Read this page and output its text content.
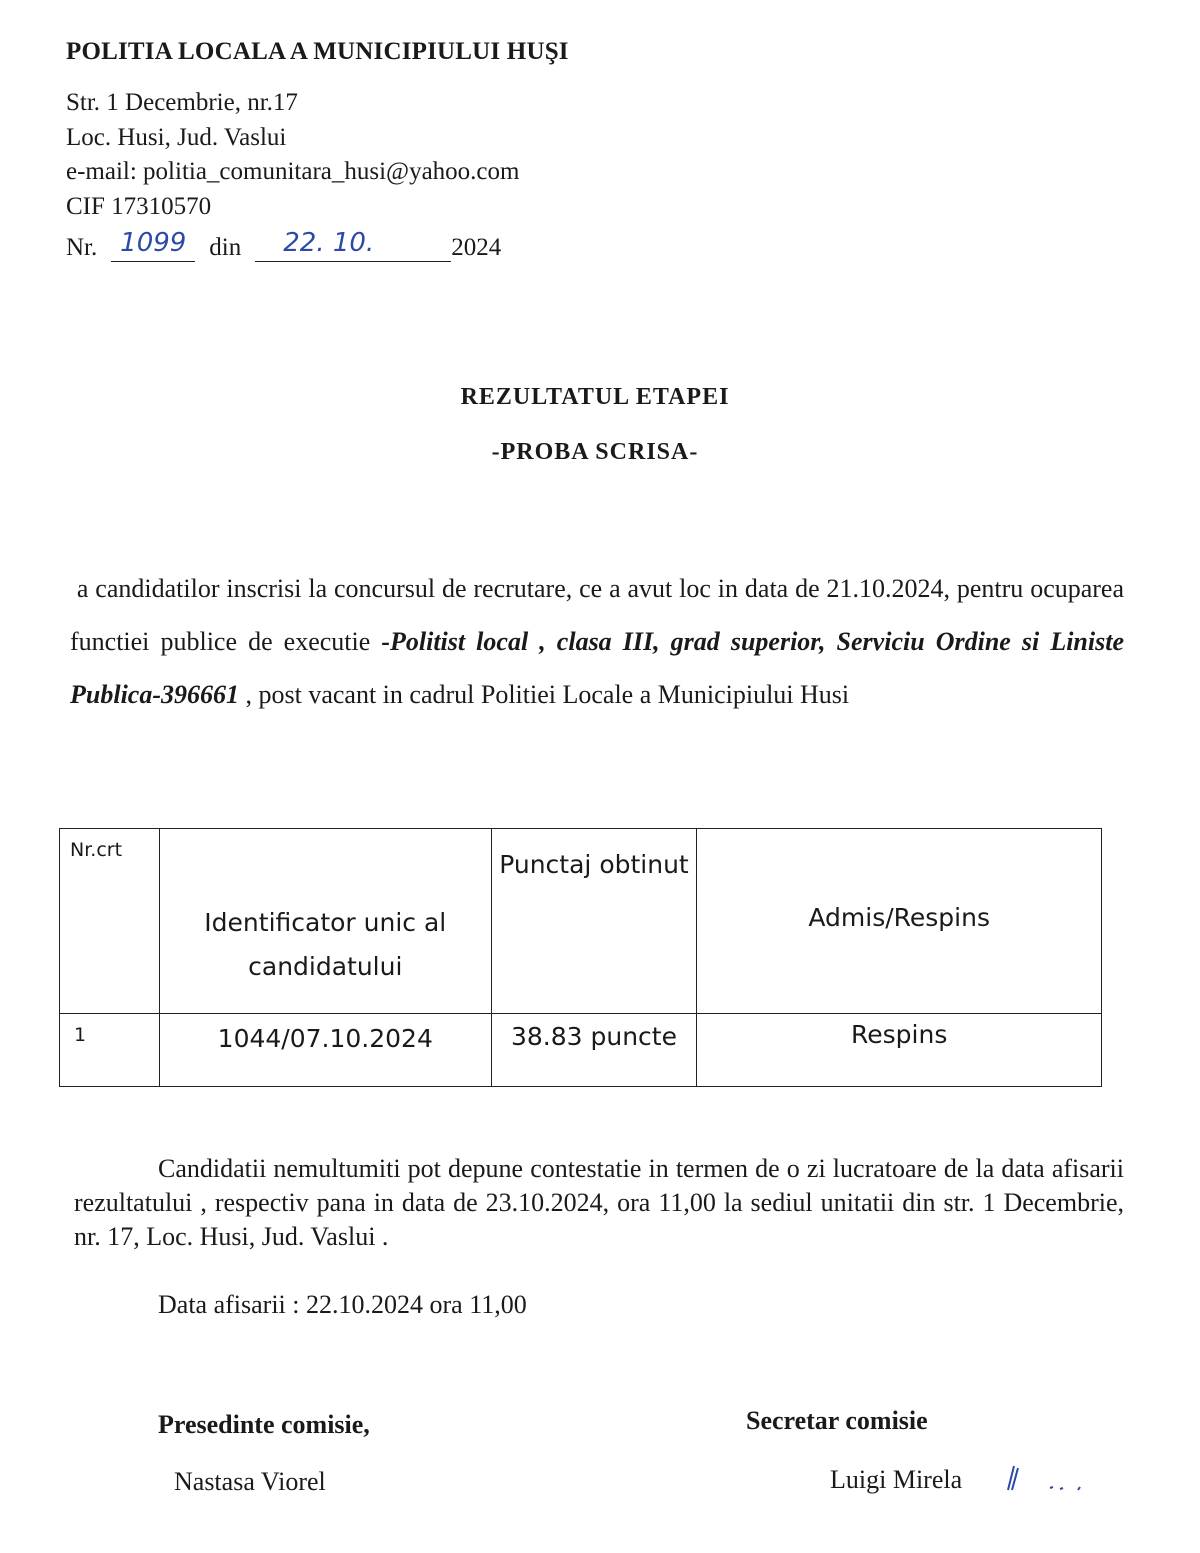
POLITIA LOCALA A MUNICIPIULUI HUŞI
Str. 1 Decembrie, nr.17
Loc. Husi, Jud. Vaslui
e-mail: politia_comunitara_husi@yahoo.com
CIF 17310570
Nr. 1099 din	22. 10.	2024
REZULTATUL ETAPEI
-PROBA SCRISA-
a candidatilor inscrisi la concursul de recrutare, ce a avut loc in data de 21.10.2024, pentru ocuparea functiei publice de executie -Politist local , clasa III, grad superior, Serviciu Ordine si Liniste Publica-396661 , post vacant in cadrul Politiei Locale a Municipiului Husi
Nr.crt	Identificator unic al candidatului	Punctaj obtinut	Admis/Respins

1	1044/07.10.2024	38.83 puncte	Respins
Candidatii nemultumiti pot depune contestatie in termen de o zi lucratoare de la data afisarii rezultatului , respectiv pana in data de 23.10.2024, ora 11,00 la sediul unitatii din str. 1 Decembrie, nr. 17, Loc. Husi, Jud. Vaslui .
Data afisarii : 22.10.2024 ora 11,00
Presedinte comisie,
Nastasa Viorel
Secretar comisie
Luigi Mirela
